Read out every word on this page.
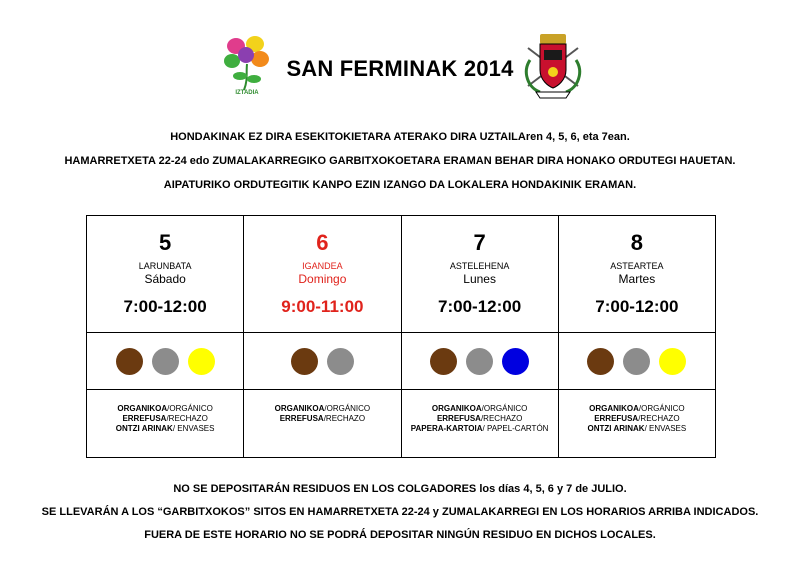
IZTADIA
SAN FERMINAK 2014

HONDAKINAK EZ DIRA ESEKITOKIETARA ATERAKO DIRA UZTAILAren 4, 5, 6, eta 7ean.

HAMARRETXETA 22-24 edo ZUMALAKARREGIKO GARBITXOKOETARA ERAMAN BEHAR DIRA HONAKO ORDUTEGI HAUETAN.

AIPATURIKO ORDUTEGITIK KANPO EZIN IZANGO DA LOKALERA HONDAKINIK ERAMAN.

5
LARUNBATA
Sábado
7:00-12:00
ORGANIKOA/ORGÁNICO
ERREFUSA/RECHAZO
ONTZI ARINAK/ ENVASES
6
IGANDEA
Domingo
9:00-11:00
ORGANIKOA/ORGÁNICO
ERREFUSA/RECHAZO
7
ASTELEHENA
Lunes
7:00-12:00
ORGANIKOA/ORGÁNICO
ERREFUSA/RECHAZO
PAPERA-KARTOIA/ PAPEL-CARTÓN
8
ASTEARTEA
Martes
7:00-12:00
ORGANIKOA/ORGÁNICO
ERREFUSA/RECHAZO
ONTZI ARINAK/ ENVASES

NO SE DEPOSITARÁN RESIDUOS EN LOS COLGADORES los días 4, 5, 6 y 7 de JULIO.

SE LLEVARÁN A LOS “GARBITXOKOS” SITOS EN HAMARRETXETA 22-24 y ZUMALAKARREGI EN LOS HORARIOS ARRIBA INDICADOS.

FUERA DE ESTE HORARIO NO SE PODRÁ DEPOSITAR NINGÚN RESIDUO EN DICHOS LOCALES.
